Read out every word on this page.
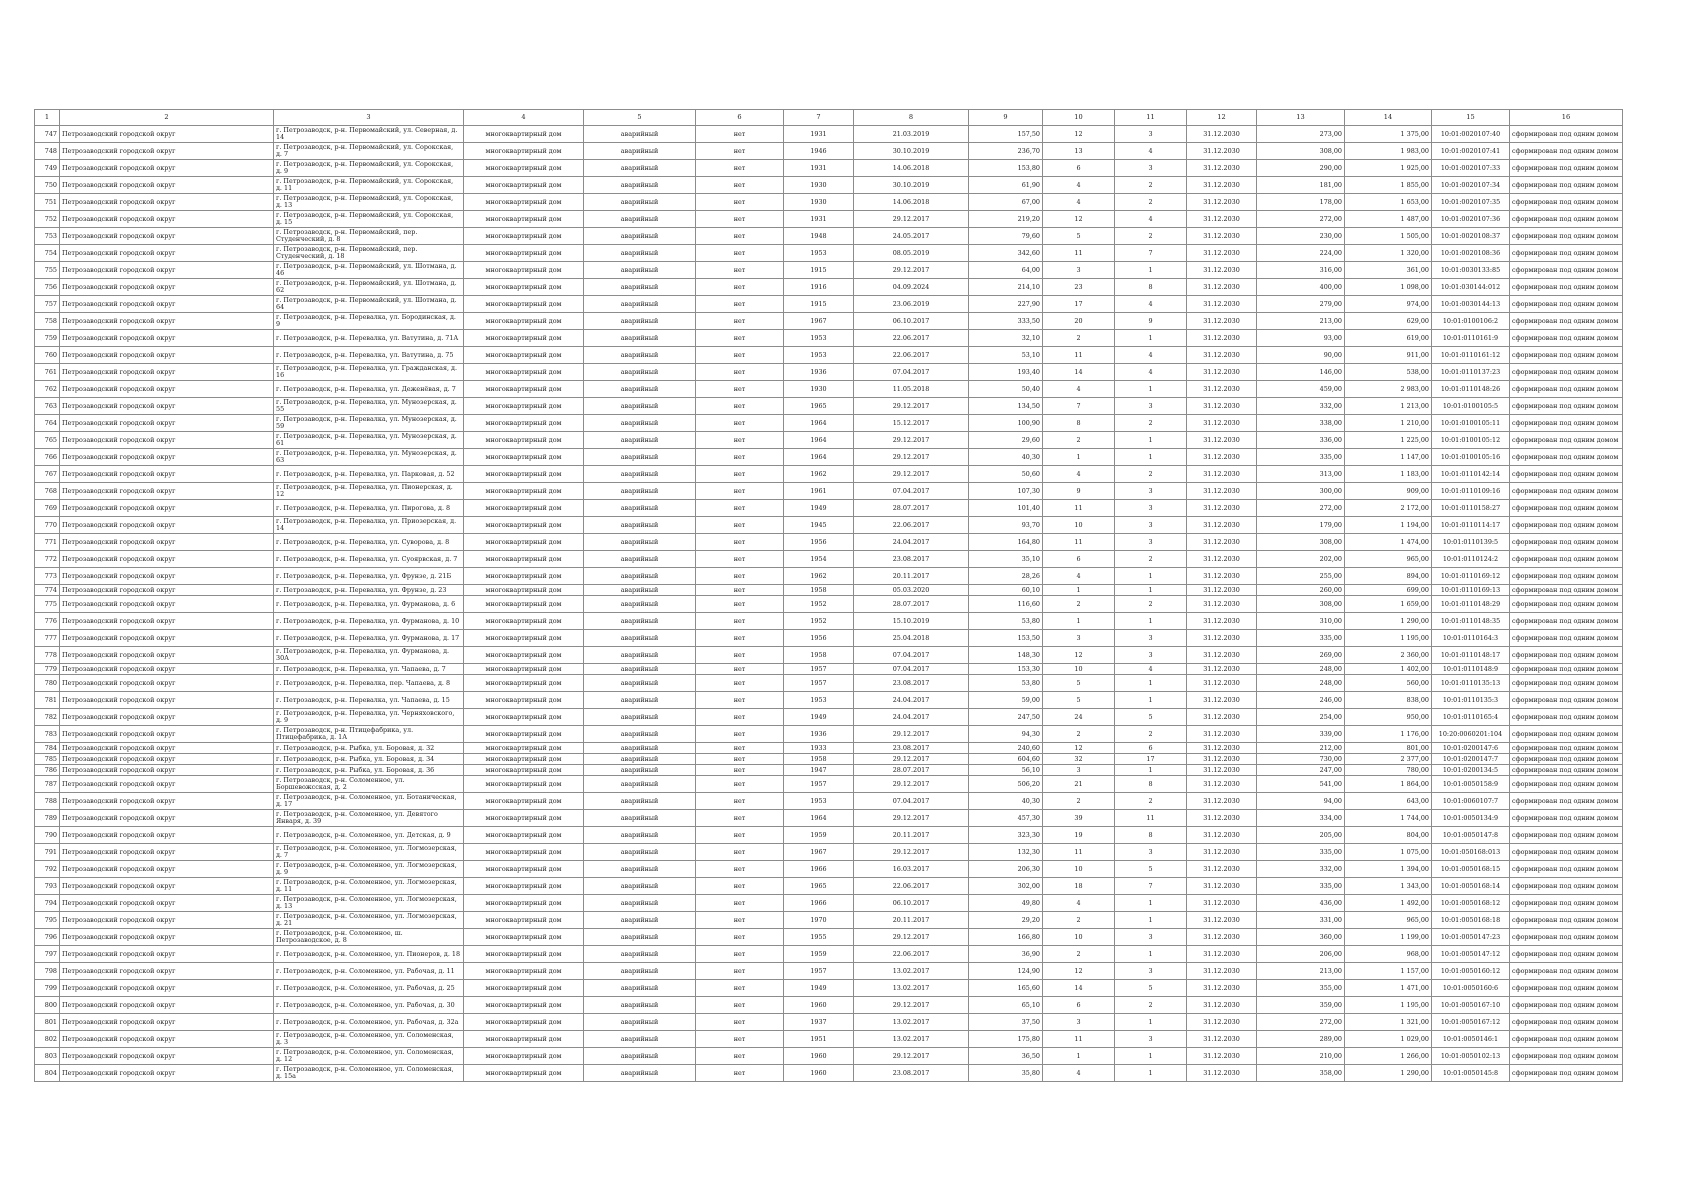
1	2	3	4	5	6	7	8	9	10	11	12	13	14	15	16
747	Петрозаводский городской округ	г. Петрозаводск, р-н. Первомайский, ул. Северная, д. 14	многоквартирный дом	аварийный	нет	1931	21.03.2019	157,50	12	3	31.12.2030	273,00	1 375,00	10:01:0020107:40	сформирован под одним домом
748	Петрозаводский городской округ	г. Петрозаводск, р-н. Первомайский, ул. Сорокская, д. 7	многоквартирный дом	аварийный	нет	1946	30.10.2019	236,70	13	4	31.12.2030	308,00	1 983,00	10:01:0020107:41	сформирован под одним домом
749	Петрозаводский городской округ	г. Петрозаводск, р-н. Первомайский, ул. Сорокская, д. 9	многоквартирный дом	аварийный	нет	1931	14.06.2018	153,80	6	3	31.12.2030	290,00	1 925,00	10:01:0020107:33	сформирован под одним домом
750	Петрозаводский городской округ	г. Петрозаводск, р-н. Первомайский, ул. Сорокская, д. 11	многоквартирный дом	аварийный	нет	1930	30.10.2019	61,90	4	2	31.12.2030	181,00	1 855,00	10:01:0020107:34	сформирован под одним домом
751	Петрозаводский городской округ	г. Петрозаводск, р-н. Первомайский, ул. Сорокская, д. 13	многоквартирный дом	аварийный	нет	1930	14.06.2018	67,00	4	2	31.12.2030	178,00	1 653,00	10:01:0020107:35	сформирован под одним домом
752	Петрозаводский городской округ	г. Петрозаводск, р-н. Первомайский, ул. Сорокская, д. 15	многоквартирный дом	аварийный	нет	1931	29.12.2017	219,20	12	4	31.12.2030	272,00	1 487,00	10:01:0020107:36	сформирован под одним домом
753	Петрозаводский городской округ	г. Петрозаводск, р-н. Первомайский, пер. Студенческий, д. 8	многоквартирный дом	аварийный	нет	1948	24.05.2017	79,60	5	2	31.12.2030	230,00	1 505,00	10:01:0020108:37	сформирован под одним домом
754	Петрозаводский городской округ	г. Петрозаводск, р-н. Первомайский, пер. Студенческий, д. 18	многоквартирный дом	аварийный	нет	1953	08.05.2019	342,60	11	7	31.12.2030	224,00	1 320,00	10:01:0020108:36	сформирован под одним домом
755	Петрозаводский городской округ	г. Петрозаводск, р-н. Первомайский, ул. Шотмана, д. 46	многоквартирный дом	аварийный	нет	1915	29.12.2017	64,00	3	1	31.12.2030	316,00	361,00	10:01:0030133:85	сформирован под одним домом
756	Петрозаводский городской округ	г. Петрозаводск, р-н. Первомайский, ул. Шотмана, д. 62	многоквартирный дом	аварийный	нет	1916	04.09.2024	214,10	23	8	31.12.2030	400,00	1 098,00	10:01:030144:012	сформирован под одним домом
757	Петрозаводский городской округ	г. Петрозаводск, р-н. Первомайский, ул. Шотмана, д. 64	многоквартирный дом	аварийный	нет	1915	23.06.2019	227,90	17	4	31.12.2030	279,00	974,00	10:01:0030144:13	сформирован под одним домом
758	Петрозаводский городской округ	г. Петрозаводск, р-н. Перевалка, ул. Бородинская, д. 9	многоквартирный дом	аварийный	нет	1967	06.10.2017	333,50	20	9	31.12.2030	213,00	629,00	10:01:0100106:2	сформирован под одним домом
759	Петрозаводский городской округ	г. Петрозаводск, р-н. Перевалка, ул. Ватутина, д. 71А	многоквартирный дом	аварийный	нет	1953	22.06.2017	32,10	2	1	31.12.2030	93,00	619,00	10:01:0110161:9	сформирован под одним домом
760	Петрозаводский городской округ	г. Петрозаводск, р-н. Перевалка, ул. Ватутина, д. 75	многоквартирный дом	аварийный	нет	1953	22.06.2017	53,10	11	4	31.12.2030	90,00	911,00	10:01:0110161:12	сформирован под одним домом
761	Петрозаводский городской округ	г. Петрозаводск, р-н. Перевалка, ул. Гражданская, д. 16	многоквартирный дом	аварийный	нет	1936	07.04.2017	193,40	14	4	31.12.2030	146,00	538,00	10:01:0110137:23	сформирован под одним домом
762	Петрозаводский городской округ	г. Петрозаводск, р-н. Перевалка, ул. Деженёвая, д. 7	многоквартирный дом	аварийный	нет	1930	11.05.2018	50,40	4	1	31.12.2030	459,00	2 983,00	10:01:0110148:26	сформирован под одним домом
763	Петрозаводский городской округ	г. Петрозаводск, р-н. Перевалка, ул. Мунозерская, д. 55	многоквартирный дом	аварийный	нет	1965	29.12.2017	134,50	7	3	31.12.2030	332,00	1 213,00	10:01:0100105:5	сформирован под одним домом
764	Петрозаводский городской округ	г. Петрозаводск, р-н. Перевалка, ул. Мунозерская, д. 59	многоквартирный дом	аварийный	нет	1964	15.12.2017	100,90	8	2	31.12.2030	338,00	1 210,00	10:01:0100105:11	сформирован под одним домом
765	Петрозаводский городской округ	г. Петрозаводск, р-н. Перевалка, ул. Мунозерская, д. 61	многоквартирный дом	аварийный	нет	1964	29.12.2017	29,60	2	1	31.12.2030	336,00	1 225,00	10:01:0100105:12	сформирован под одним домом
766	Петрозаводский городской округ	г. Петрозаводск, р-н. Перевалка, ул. Мунозерская, д. 63	многоквартирный дом	аварийный	нет	1964	29.12.2017	40,30	1	1	31.12.2030	335,00	1 147,00	10:01:0100105:16	сформирован под одним домом
767	Петрозаводский городской округ	г. Петрозаводск, р-н. Перевалка, ул. Парковая, д. 52	многоквартирный дом	аварийный	нет	1962	29.12.2017	50,60	4	2	31.12.2030	313,00	1 183,00	10:01:0110142:14	сформирован под одним домом
768	Петрозаводский городской округ	г. Петрозаводск, р-н. Перевалка, ул. Пионерская, д. 12	многоквартирный дом	аварийный	нет	1961	07.04.2017	107,30	9	3	31.12.2030	300,00	909,00	10:01:0110109:16	сформирован под одним домом
769	Петрозаводский городской округ	г. Петрозаводск, р-н. Перевалка, ул. Пирогова, д. 8	многоквартирный дом	аварийный	нет	1949	28.07.2017	101,40	11	3	31.12.2030	272,00	2 172,00	10:01:0110158:27	сформирован под одним домом
770	Петрозаводский городской округ	г. Петрозаводск, р-н. Перевалка, ул. Приозерская, д. 14	многоквартирный дом	аварийный	нет	1945	22.06.2017	93,70	10	3	31.12.2030	179,00	1 194,00	10:01:0110114:17	сформирован под одним домом
771	Петрозаводский городской округ	г. Петрозаводск, р-н. Перевалка, ул. Суворова, д. 8	многоквартирный дом	аварийный	нет	1956	24.04.2017	164,80	11	3	31.12.2030	308,00	1 474,00	10:01:0110139:5	сформирован под одним домом
772	Петрозаводский городской округ	г. Петрозаводск, р-н. Перевалка, ул. Суоярвская, д. 7	многоквартирный дом	аварийный	нет	1954	23.08.2017	35,10	6	2	31.12.2030	202,00	965,00	10:01:0110124:2	сформирован под одним домом
773	Петрозаводский городской округ	г. Петрозаводск, р-н. Перевалка, ул. Фрунзе, д. 21Б	многоквартирный дом	аварийный	нет	1962	20.11.2017	28,26	4	1	31.12.2030	255,00	894,00	10:01:0110169:12	сформирован под одним домом
774	Петрозаводский городской округ	г. Петрозаводск, р-н. Перевалка, ул. Фрунзе, д. 23	многоквартирный дом	аварийный	нет	1958	05.03.2020	60,10	1	1	31.12.2030	260,00	699,00	10:01:0110169:13	сформирован под одним домом
775	Петрозаводский городской округ	г. Петрозаводск, р-н. Перевалка, ул. Фурманова, д. 6	многоквартирный дом	аварийный	нет	1952	28.07.2017	116,60	2	2	31.12.2030	308,00	1 659,00	10:01:0110148:29	сформирован под одним домом
776	Петрозаводский городской округ	г. Петрозаводск, р-н. Перевалка, ул. Фурманова, д. 10	многоквартирный дом	аварийный	нет	1952	15.10.2019	53,80	1	1	31.12.2030	310,00	1 290,00	10:01:0110148:35	сформирован под одним домом
777	Петрозаводский городской округ	г. Петрозаводск, р-н. Перевалка, ул. Фурманова, д. 17	многоквартирный дом	аварийный	нет	1956	25.04.2018	153,50	3	3	31.12.2030	335,00	1 195,00	10:01:0110164:3	сформирован под одним домом
778	Петрозаводский городской округ	г. Петрозаводск, р-н. Перевалка, ул. Фурманова, д. 30А	многоквартирный дом	аварийный	нет	1958	07.04.2017	148,30	12	3	31.12.2030	269,00	2 360,00	10:01:0110148:17	сформирован под одним домом
779	Петрозаводский городской округ	г. Петрозаводск, р-н. Перевалка, ул. Чапаева, д. 7	многоквартирный дом	аварийный	нет	1957	07.04.2017	153,30	10	4	31.12.2030	248,00	1 402,00	10:01:0110148:9	сформирован под одним домом
780	Петрозаводский городской округ	г. Петрозаводск, р-н. Перевалка, пер. Чапаева, д. 8	многоквартирный дом	аварийный	нет	1957	23.08.2017	53,80	5	1	31.12.2030	248,00	560,00	10:01:0110135:13	сформирован под одним домом
781	Петрозаводский городской округ	г. Петрозаводск, р-н. Перевалка, ул. Чапаева, д. 15	многоквартирный дом	аварийный	нет	1953	24.04.2017	59,00	5	1	31.12.2030	246,00	838,00	10:01:0110135:3	сформирован под одним домом
782	Петрозаводский городской округ	г. Петрозаводск, р-н. Перевалка, ул. Черняховского, д. 9	многоквартирный дом	аварийный	нет	1949	24.04.2017	247,50	24	5	31.12.2030	254,00	950,00	10:01:0110165:4	сформирован под одним домом
783	Петрозаводский городской округ	г. Петрозаводск, р-н. Птицефабрика, ул. Птицефабрика, д. 1А	многоквартирный дом	аварийный	нет	1936	29.12.2017	94,30	2	2	31.12.2030	339,00	1 176,00	10:20:0060201:104	сформирован под одним домом
784	Петрозаводский городской округ	г. Петрозаводск, р-н. Рыбка, ул. Боровая, д. 32	многоквартирный дом	аварийный	нет	1933	23.08.2017	240,60	12	6	31.12.2030	212,00	801,00	10:01:0200147:6	сформирован под одним домом
785	Петрозаводский городской округ	г. Петрозаводск, р-н. Рыбка, ул. Боровая, д. 34	многоквартирный дом	аварийный	нет	1958	29.12.2017	604,60	32	17	31.12.2030	730,00	2 377,00	10:01:0200147:7	сформирован под одним домом
786	Петрозаводский городской округ	г. Петрозаводск, р-н. Рыбка, ул. Боровая, д. 36	многоквартирный дом	аварийный	нет	1947	28.07.2017	56,10	3	1	31.12.2030	247,00	780,00	10:01:0200134:5	сформирован под одним домом
787	Петрозаводский городской округ	г. Петрозаводск, р-н. Соломенное, ул. Боршевожсская, д. 2	многоквартирный дом	аварийный	нет	1957	29.12.2017	506,20	21	8	31.12.2030	541,00	1 864,00	10:01:0050158:9	сформирован под одним домом
788	Петрозаводский городской округ	г. Петрозаводск, р-н. Соломенное, ул. Ботаническая, д. 17	многоквартирный дом	аварийный	нет	1953	07.04.2017	40,30	2	2	31.12.2030	94,00	643,00	10:01:0060107:7	сформирован под одним домом
789	Петрозаводский городской округ	г. Петрозаводск, р-н. Соломенное, ул. Девятого Января, д. 39	многоквартирный дом	аварийный	нет	1964	29.12.2017	457,30	39	11	31.12.2030	334,00	1 744,00	10:01:0050134:9	сформирован под одним домом
790	Петрозаводский городской округ	г. Петрозаводск, р-н. Соломенное, ул. Детская, д. 9	многоквартирный дом	аварийный	нет	1959	20.11.2017	323,30	19	8	31.12.2030	205,00	804,00	10:01:0050147:8	сформирован под одним домом
791	Петрозаводский городской округ	г. Петрозаводск, р-н. Соломенное, ул. Логмозерская, д. 7	многоквартирный дом	аварийный	нет	1967	29.12.2017	132,30	11	3	31.12.2030	335,00	1 075,00	10:01:050168:013	сформирован под одним домом
792	Петрозаводский городской округ	г. Петрозаводск, р-н. Соломенное, ул. Логмозерская, д. 9	многоквартирный дом	аварийный	нет	1966	16.03.2017	206,30	10	5	31.12.2030	332,00	1 394,00	10:01:0050168:15	сформирован под одним домом
793	Петрозаводский городской округ	г. Петрозаводск, р-н. Соломенное, ул. Логмозерская, д. 11	многоквартирный дом	аварийный	нет	1965	22.06.2017	302,00	18	7	31.12.2030	335,00	1 343,00	10:01:0050168:14	сформирован под одним домом
794	Петрозаводский городской округ	г. Петрозаводск, р-н. Соломенное, ул. Логмозерская, д. 13	многоквартирный дом	аварийный	нет	1966	06.10.2017	49,80	4	1	31.12.2030	436,00	1 492,00	10:01:0050168:12	сформирован под одним домом
795	Петрозаводский городской округ	г. Петрозаводск, р-н. Соломенное, ул. Логмозерская, д. 21	многоквартирный дом	аварийный	нет	1970	20.11.2017	29,20	2	1	31.12.2030	331,00	965,00	10:01:0050168:18	сформирован под одним домом
796	Петрозаводский городской округ	г. Петрозаводск, р-н. Соломенное, ш. Петрозаводское, д. 8	многоквартирный дом	аварийный	нет	1955	29.12.2017	166,80	10	3	31.12.2030	360,00	1 199,00	10:01:0050147:23	сформирован под одним домом
797	Петрозаводский городской округ	г. Петрозаводск, р-н. Соломенное, ул. Пионеров, д. 18	многоквартирный дом	аварийный	нет	1959	22.06.2017	36,90	2	1	31.12.2030	206,00	968,00	10:01:0050147:12	сформирован под одним домом
798	Петрозаводский городской округ	г. Петрозаводск, р-н. Соломенное, ул. Рабочая, д. 11	многоквартирный дом	аварийный	нет	1957	13.02.2017	124,90	12	3	31.12.2030	213,00	1 157,00	10:01:0050160:12	сформирован под одним домом
799	Петрозаводский городской округ	г. Петрозаводск, р-н. Соломенное, ул. Рабочая, д. 25	многоквартирный дом	аварийный	нет	1949	13.02.2017	165,60	14	5	31.12.2030	355,00	1 471,00	10:01:0050160:6	сформирован под одним домом
800	Петрозаводский городской округ	г. Петрозаводск, р-н. Соломенное, ул. Рабочая, д. 30	многоквартирный дом	аварийный	нет	1960	29.12.2017	65,10	6	2	31.12.2030	359,00	1 195,00	10:01:0050167:10	сформирован под одним домом
801	Петрозаводский городской округ	г. Петрозаводск, р-н. Соломенное, ул. Рабочая, д. 32а	многоквартирный дом	аварийный	нет	1937	13.02.2017	37,50	3	1	31.12.2030	272,00	1 321,00	10:01:0050167:12	сформирован под одним домом
802	Петрозаводский городской округ	г. Петрозаводск, р-н. Соломенное, ул. Соломенская, д. 3	многоквартирный дом	аварийный	нет	1951	13.02.2017	175,80	11	3	31.12.2030	289,00	1 029,00	10:01:0050146:1	сформирован под одним домом
803	Петрозаводский городской округ	г. Петрозаводск, р-н. Соломенное, ул. Соломенская, д. 12	многоквартирный дом	аварийный	нет	1960	29.12.2017	36,50	1	1	31.12.2030	210,00	1 266,00	10:01:0050102:13	сформирован под одним домом
804	Петрозаводский городской округ	г. Петрозаводск, р-н. Соломенное, ул. Соломенская, д. 15а	многоквартирный дом	аварийный	нет	1960	23.08.2017	35,80	4	1	31.12.2030	358,00	1 290,00	10:01:0050145:8	сформирован под одним домом
